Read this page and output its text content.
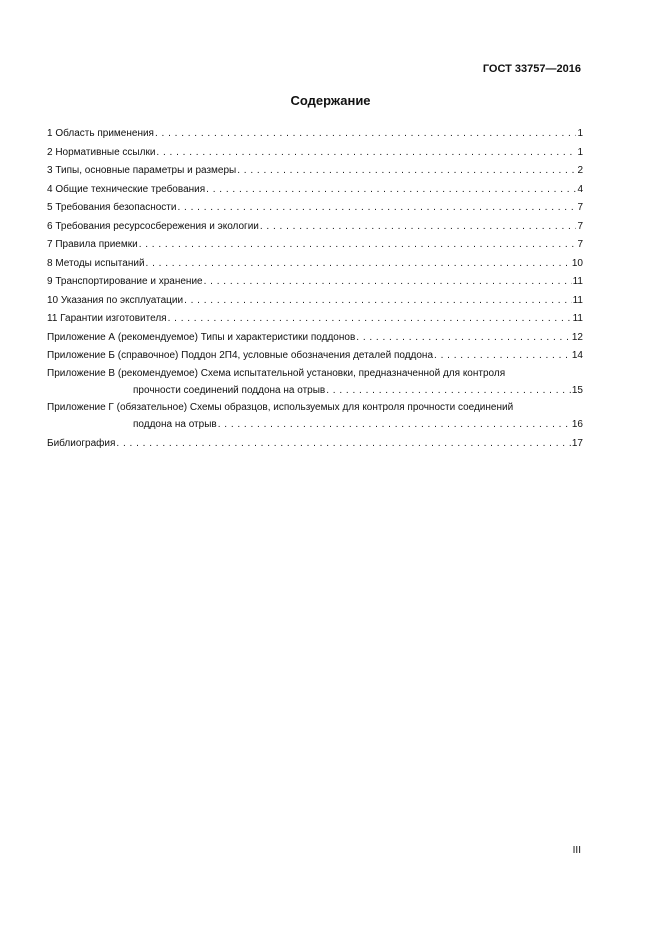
ГОСТ 33757—2016
Содержание
1 Область применения . . .	1
2 Нормативные ссылки . . .	1
3 Типы, основные параметры и размеры . . .	2
4 Общие технические требования . . .	4
5 Требования безопасности . . .	7
6 Требования ресурсосбережения и экологии . . .	7
7 Правила приемки . . .	7
8 Методы испытаний . . .	10
9 Транспортирование и хранение . . .	11
10 Указания по эксплуатации . . .	11
11 Гарантии изготовителя . . .	11
Приложение А (рекомендуемое) Типы и характеристики поддонов . . .	12
Приложение Б (справочное) Поддон 2П4, условные обозначения деталей поддона . . .	14
Приложение В (рекомендуемое) Схема испытательной установки, предназначенной для контроля
прочности соединений поддона на отрыв . . .	15
Приложение Г (обязательное) Схемы образцов, используемых для контроля прочности соединений
поддона на отрыв . . .	16
Библиография . . .	17
III
